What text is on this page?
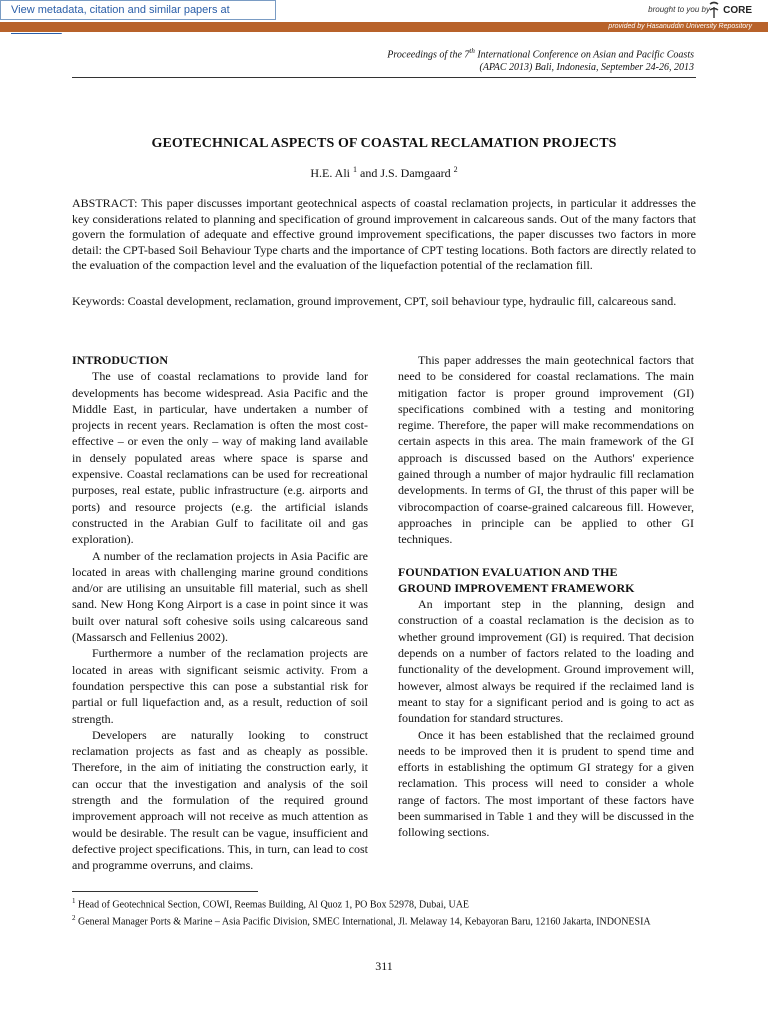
View metadata, citation and similar papers at	brought to you by CORE
provided by Hasanuddin University Repository
Proceedings of the 7th International Conference on Asian and Pacific Coasts
(APAC 2013) Bali, Indonesia, September 24-26, 2013
GEOTECHNICAL ASPECTS OF COASTAL RECLAMATION PROJECTS
H.E. Ali $^1$ and J.S. Damgaard $^2$

ABSTRACT: This paper discusses important geotechnical aspects of coastal reclamation projects, in particular it addresses the key considerations related to planning and specification of ground improvement in calcareous sands. Out of the many factors that govern the formulation of adequate and effective ground improvement specifications, the paper discusses two factors in more detail: the CPT-based Soil Behaviour Type charts and the importance of CPT testing locations. Both factors are directly related to the evaluation of the compaction level and the evaluation of the liquefaction potential of the reclamation fill.

Keywords: Coastal development, reclamation, ground improvement, CPT, soil behaviour type, hydraulic fill, calcareous sand.

INTRODUCTION

The use of coastal reclamations to provide land for developments has become widespread. Asia Pacific and the Middle East, in particular, have undertaken a number of projects in recent years. Reclamation is often the most cost-effective – or even the only – way of making land available in densely populated areas where space is sparse and expensive. Coastal reclamations can be used for recreational purposes, real estate, public infrastructure (e.g. airports and ports) and resource projects (e.g. the artificial islands constructed in the Arabian Gulf to facilitate oil and gas exploration).

A number of the reclamation projects in Asia Pacific are located in areas with challenging marine ground conditions and/or are utilising an unsuitable fill material, such as shell sand. New Hong Kong Airport is a case in point since it was built over natural soft cohesive soils using calcareous sand (Massarsch and Fellenius 2002).

Furthermore a number of the reclamation projects are located in areas with significant seismic activity. From a foundation perspective this can pose a substantial risk for partial or full liquefaction and, as a result, reduction of soil strength.

Developers are naturally looking to construct reclamation projects as fast and as cheaply as possible. Therefore, in the aim of initiating the construction early, it can occur that the investigation and analysis of the soil strength and the formulation of the required ground improvement approach will not receive as much attention as would be desirable. The result can be vague, insufficient and defective project specifications. This, in turn, can lead to cost and programme overruns, and claims.

This paper addresses the main geotechnical factors that need to be considered for coastal reclamations. The main mitigation factor is proper ground improvement (GI) specifications combined with a testing and monitoring regime. Therefore, the paper will make recommendations on certain aspects in this area. The main framework of the GI approach is discussed based on the Authors' experience gained through a number of major hydraulic fill reclamation developments. In terms of GI, the thrust of this paper will be vibrocompaction of coarse-grained calcareous fill. However, approaches in principle can be applied to other GI techniques.

FOUNDATION EVALUATION AND THE
GROUND IMPROVEMENT FRAMEWORK

An important step in the planning, design and construction of a coastal reclamation is the decision as to whether ground improvement (GI) is required. That decision depends on a number of factors related to the loading and functionality of the development. Ground improvement will, however, almost always be required if the reclaimed land is meant to stay for a significant period and is going to act as foundation for standard structures.

Once it has been established that the reclaimed ground needs to be improved then it is prudent to spend time and efforts in establishing the optimum GI strategy for a given reclamation. This process will need to consider a whole range of factors. The most important of these factors have been summarised in Table 1 and they will be discussed in the following sections.

$^1$ Head of Geotechnical Section, COWI, Reemas Building, Al Quoz 1, PO Box 52978, Dubai, UAE

$^2$ General Manager Ports & Marine – Asia Pacific Division, SMEC International, Jl. Melaway 14, Kebayoran Baru, 12160 Jakarta, INDONESIA

311
